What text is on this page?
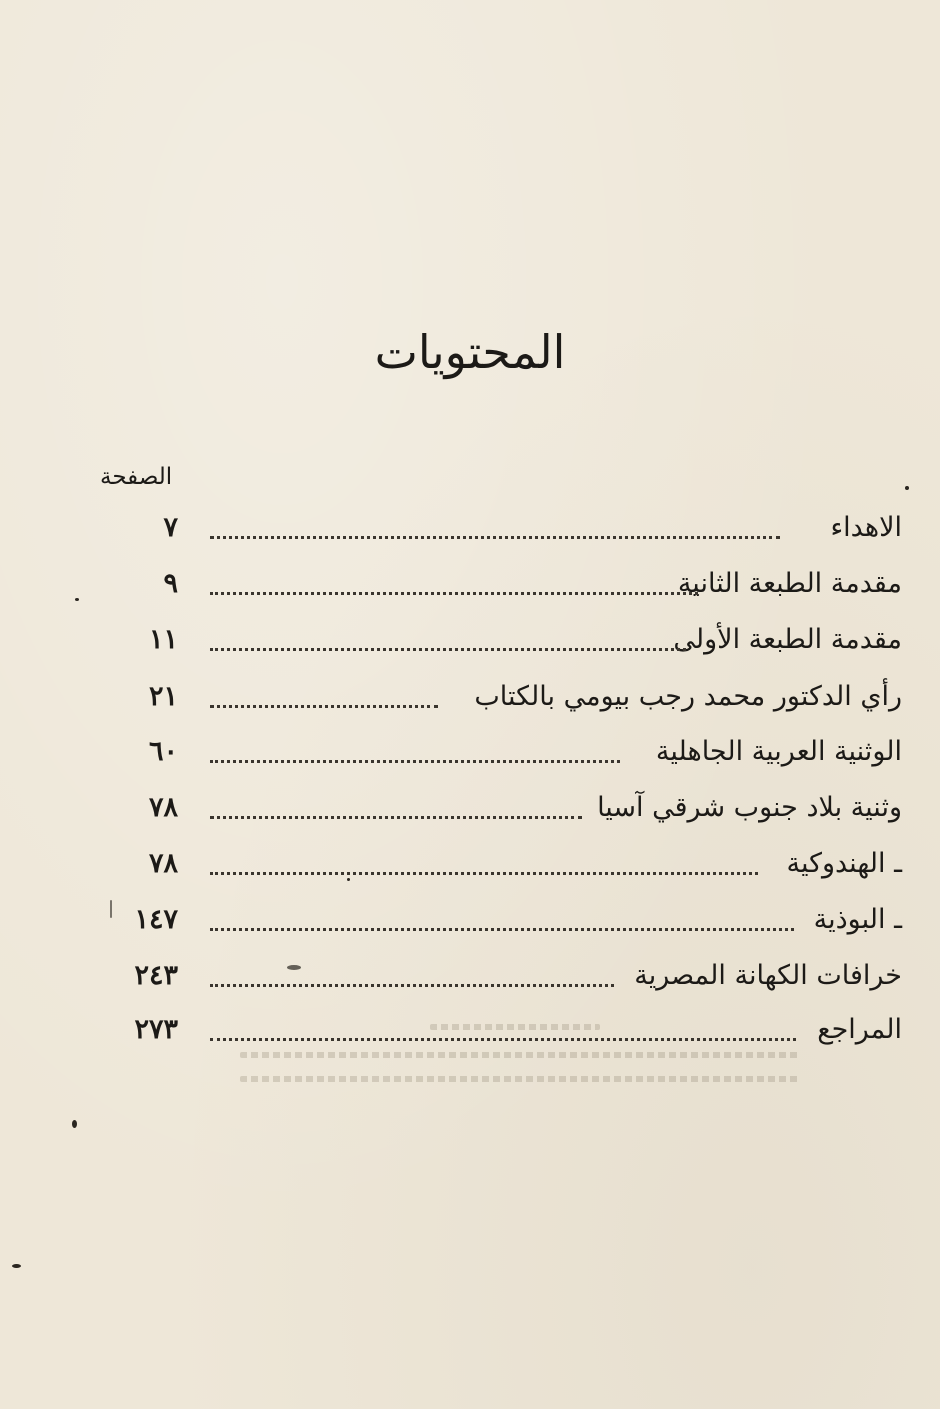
المحتويات
الصفحة
الاهداء
٧
مقدمة الطبعة الثانية
٩
مقدمة الطبعة الأولى
١١
رأي الدكتور محمد رجب بيومي بالكتاب
٢١
الوثنية العربية الجاهلية
٦٠
وثنية بلاد جنوب شرقي آسيا
٧٨
ـ الهندوكية
٧٨
ـ البوذية
١٤٧
خرافات الكهانة المصرية
٢٤٣
المراجع
٢٧٣
